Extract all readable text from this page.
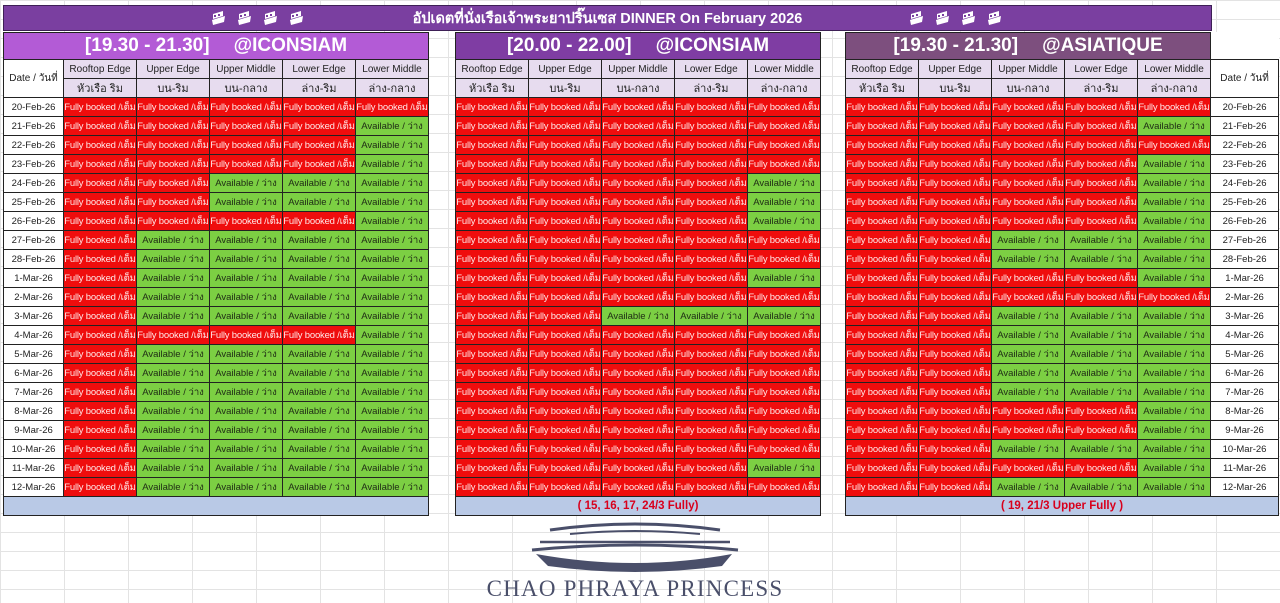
อัปเดตที่นั่งเรือเจ้าพระยาปริ๊นเซส DINNER On February 2026
[19.30 - 21.30] @ICONSIAM					
Date / วันที่	Rooftop Edge	Upper Edge	Upper Middle	Lower Edge	Lower Middle
	หัวเรือ ริม	บน-ริม	บน-กลาง	ล่าง-ริม	ล่าง-กลาง
20-Feb-26	Fully booked /เต็ม	Fully booked /เต็ม	Fully booked /เต็ม	Fully booked /เต็ม	Fully booked /เต็ม
21-Feb-26	Fully booked /เต็ม	Fully booked /เต็ม	Fully booked /เต็ม	Fully booked /เต็ม	Available / ว่าง
22-Feb-26	Fully booked /เต็ม	Fully booked /เต็ม	Fully booked /เต็ม	Fully booked /เต็ม	Available / ว่าง
23-Feb-26	Fully booked /เต็ม	Fully booked /เต็ม	Fully booked /เต็ม	Fully booked /เต็ม	Available / ว่าง
24-Feb-26	Fully booked /เต็ม	Fully booked /เต็ม	Available / ว่าง	Available / ว่าง	Available / ว่าง
25-Feb-26	Fully booked /เต็ม	Fully booked /เต็ม	Available / ว่าง	Available / ว่าง	Available / ว่าง
26-Feb-26	Fully booked /เต็ม	Fully booked /เต็ม	Fully booked /เต็ม	Fully booked /เต็ม	Available / ว่าง
27-Feb-26	Fully booked /เต็ม	Available / ว่าง	Available / ว่าง	Available / ว่าง	Available / ว่าง
28-Feb-26	Fully booked /เต็ม	Available / ว่าง	Available / ว่าง	Available / ว่าง	Available / ว่าง
1-Mar-26	Fully booked /เต็ม	Available / ว่าง	Available / ว่าง	Available / ว่าง	Available / ว่าง
2-Mar-26	Fully booked /เต็ม	Available / ว่าง	Available / ว่าง	Available / ว่าง	Available / ว่าง
3-Mar-26	Fully booked /เต็ม	Available / ว่าง	Available / ว่าง	Available / ว่าง	Available / ว่าง
4-Mar-26	Fully booked /เต็ม	Fully booked /เต็ม	Fully booked /เต็ม	Fully booked /เต็ม	Available / ว่าง
5-Mar-26	Fully booked /เต็ม	Available / ว่าง	Available / ว่าง	Available / ว่าง	Available / ว่าง
6-Mar-26	Fully booked /เต็ม	Available / ว่าง	Available / ว่าง	Available / ว่าง	Available / ว่าง
7-Mar-26	Fully booked /เต็ม	Available / ว่าง	Available / ว่าง	Available / ว่าง	Available / ว่าง
8-Mar-26	Fully booked /เต็ม	Available / ว่าง	Available / ว่าง	Available / ว่าง	Available / ว่าง
9-Mar-26	Fully booked /เต็ม	Available / ว่าง	Available / ว่าง	Available / ว่าง	Available / ว่าง
10-Mar-26	Fully booked /เต็ม	Available / ว่าง	Available / ว่าง	Available / ว่าง	Available / ว่าง
11-Mar-26	Fully booked /เต็ม	Available / ว่าง	Available / ว่าง	Available / ว่าง	Available / ว่าง
12-Mar-26	Fully booked /เต็ม	Available / ว่าง	Available / ว่าง	Available / ว่าง	Available / ว่าง

[20.00 - 22.00] @ICONSIAM				
Rooftop Edge	Upper Edge	Upper Middle	Lower Edge	Lower Middle
หัวเรือ ริม	บน-ริม	บน-กลาง	ล่าง-ริม	ล่าง-กลาง
Fully booked /เต็ม	Fully booked /เต็ม	Fully booked /เต็ม	Fully booked /เต็ม	Fully booked /เต็ม
Fully booked /เต็ม	Fully booked /เต็ม	Fully booked /เต็ม	Fully booked /เต็ม	Fully booked /เต็ม
Fully booked /เต็ม	Fully booked /เต็ม	Fully booked /เต็ม	Fully booked /เต็ม	Fully booked /เต็ม
Fully booked /เต็ม	Fully booked /เต็ม	Fully booked /เต็ม	Fully booked /เต็ม	Fully booked /เต็ม
Fully booked /เต็ม	Fully booked /เต็ม	Fully booked /เต็ม	Fully booked /เต็ม	Available / ว่าง
Fully booked /เต็ม	Fully booked /เต็ม	Fully booked /เต็ม	Fully booked /เต็ม	Available / ว่าง
Fully booked /เต็ม	Fully booked /เต็ม	Fully booked /เต็ม	Fully booked /เต็ม	Available / ว่าง
Fully booked /เต็ม	Fully booked /เต็ม	Fully booked /เต็ม	Fully booked /เต็ม	Fully booked /เต็ม
Fully booked /เต็ม	Fully booked /เต็ม	Fully booked /เต็ม	Fully booked /เต็ม	Fully booked /เต็ม
Fully booked /เต็ม	Fully booked /เต็ม	Fully booked /เต็ม	Fully booked /เต็ม	Available / ว่าง
Fully booked /เต็ม	Fully booked /เต็ม	Fully booked /เต็ม	Fully booked /เต็ม	Fully booked /เต็ม
Fully booked /เต็ม	Fully booked /เต็ม	Available / ว่าง	Available / ว่าง	Available / ว่าง
Fully booked /เต็ม	Fully booked /เต็ม	Fully booked /เต็ม	Fully booked /เต็ม	Fully booked /เต็ม
Fully booked /เต็ม	Fully booked /เต็ม	Fully booked /เต็ม	Fully booked /เต็ม	Fully booked /เต็ม
Fully booked /เต็ม	Fully booked /เต็ม	Fully booked /เต็ม	Fully booked /เต็ม	Fully booked /เต็ม
Fully booked /เต็ม	Fully booked /เต็ม	Fully booked /เต็ม	Fully booked /เต็ม	Fully booked /เต็ม
Fully booked /เต็ม	Fully booked /เต็ม	Fully booked /เต็ม	Fully booked /เต็ม	Fully booked /เต็ม
Fully booked /เต็ม	Fully booked /เต็ม	Fully booked /เต็ม	Fully booked /เต็ม	Fully booked /เต็ม
Fully booked /เต็ม	Fully booked /เต็ม	Fully booked /เต็ม	Fully booked /เต็ม	Fully booked /เต็ม
Fully booked /เต็ม	Fully booked /เต็ม	Fully booked /เต็ม	Fully booked /เต็ม	Available / ว่าง
Fully booked /เต็ม	Fully booked /เต็ม	Fully booked /เต็ม	Fully booked /เต็ม	Fully booked /เต็ม
( 15, 16, 17, 24/3 Fully)				
[19.30 - 21.30] @ASIATIQUE					
Rooftop Edge	Upper Edge	Upper Middle	Lower Edge	Lower Middle	Date / วันที่
หัวเรือ ริม	บน-ริม	บน-กลาง	ล่าง-ริม	ล่าง-กลาง	
Fully booked /เต็ม	Fully booked /เต็ม	Fully booked /เต็ม	Fully booked /เต็ม	Fully booked /เต็ม	20-Feb-26
Fully booked /เต็ม	Fully booked /เต็ม	Fully booked /เต็ม	Fully booked /เต็ม	Available / ว่าง	21-Feb-26
Fully booked /เต็ม	Fully booked /เต็ม	Fully booked /เต็ม	Fully booked /เต็ม	Fully booked /เต็ม	22-Feb-26
Fully booked /เต็ม	Fully booked /เต็ม	Fully booked /เต็ม	Fully booked /เต็ม	Available / ว่าง	23-Feb-26
Fully booked /เต็ม	Fully booked /เต็ม	Fully booked /เต็ม	Fully booked /เต็ม	Available / ว่าง	24-Feb-26
Fully booked /เต็ม	Fully booked /เต็ม	Fully booked /เต็ม	Fully booked /เต็ม	Available / ว่าง	25-Feb-26
Fully booked /เต็ม	Fully booked /เต็ม	Fully booked /เต็ม	Fully booked /เต็ม	Available / ว่าง	26-Feb-26
Fully booked /เต็ม	Fully booked /เต็ม	Available / ว่าง	Available / ว่าง	Available / ว่าง	27-Feb-26
Fully booked /เต็ม	Fully booked /เต็ม	Available / ว่าง	Available / ว่าง	Available / ว่าง	28-Feb-26
Fully booked /เต็ม	Fully booked /เต็ม	Fully booked /เต็ม	Fully booked /เต็ม	Available / ว่าง	1-Mar-26
Fully booked /เต็ม	Fully booked /เต็ม	Fully booked /เต็ม	Fully booked /เต็ม	Fully booked /เต็ม	2-Mar-26
Fully booked /เต็ม	Fully booked /เต็ม	Available / ว่าง	Available / ว่าง	Available / ว่าง	3-Mar-26
Fully booked /เต็ม	Fully booked /เต็ม	Available / ว่าง	Available / ว่าง	Available / ว่าง	4-Mar-26
Fully booked /เต็ม	Fully booked /เต็ม	Available / ว่าง	Available / ว่าง	Available / ว่าง	5-Mar-26
Fully booked /เต็ม	Fully booked /เต็ม	Available / ว่าง	Available / ว่าง	Available / ว่าง	6-Mar-26
Fully booked /เต็ม	Fully booked /เต็ม	Available / ว่าง	Available / ว่าง	Available / ว่าง	7-Mar-26
Fully booked /เต็ม	Fully booked /เต็ม	Fully booked /เต็ม	Fully booked /เต็ม	Available / ว่าง	8-Mar-26
Fully booked /เต็ม	Fully booked /เต็ม	Fully booked /เต็ม	Fully booked /เต็ม	Available / ว่าง	9-Mar-26
Fully booked /เต็ม	Fully booked /เต็ม	Available / ว่าง	Available / ว่าง	Available / ว่าง	10-Mar-26
Fully booked /เต็ม	Fully booked /เต็ม	Fully booked /เต็ม	Fully booked /เต็ม	Available / ว่าง	11-Mar-26
Fully booked /เต็ม	Fully booked /เต็ม	Available / ว่าง	Available / ว่าง	Available / ว่าง	12-Mar-26
( 19, 21/3 Upper Fully )					
CHAO PHRAYA PRINCESS
